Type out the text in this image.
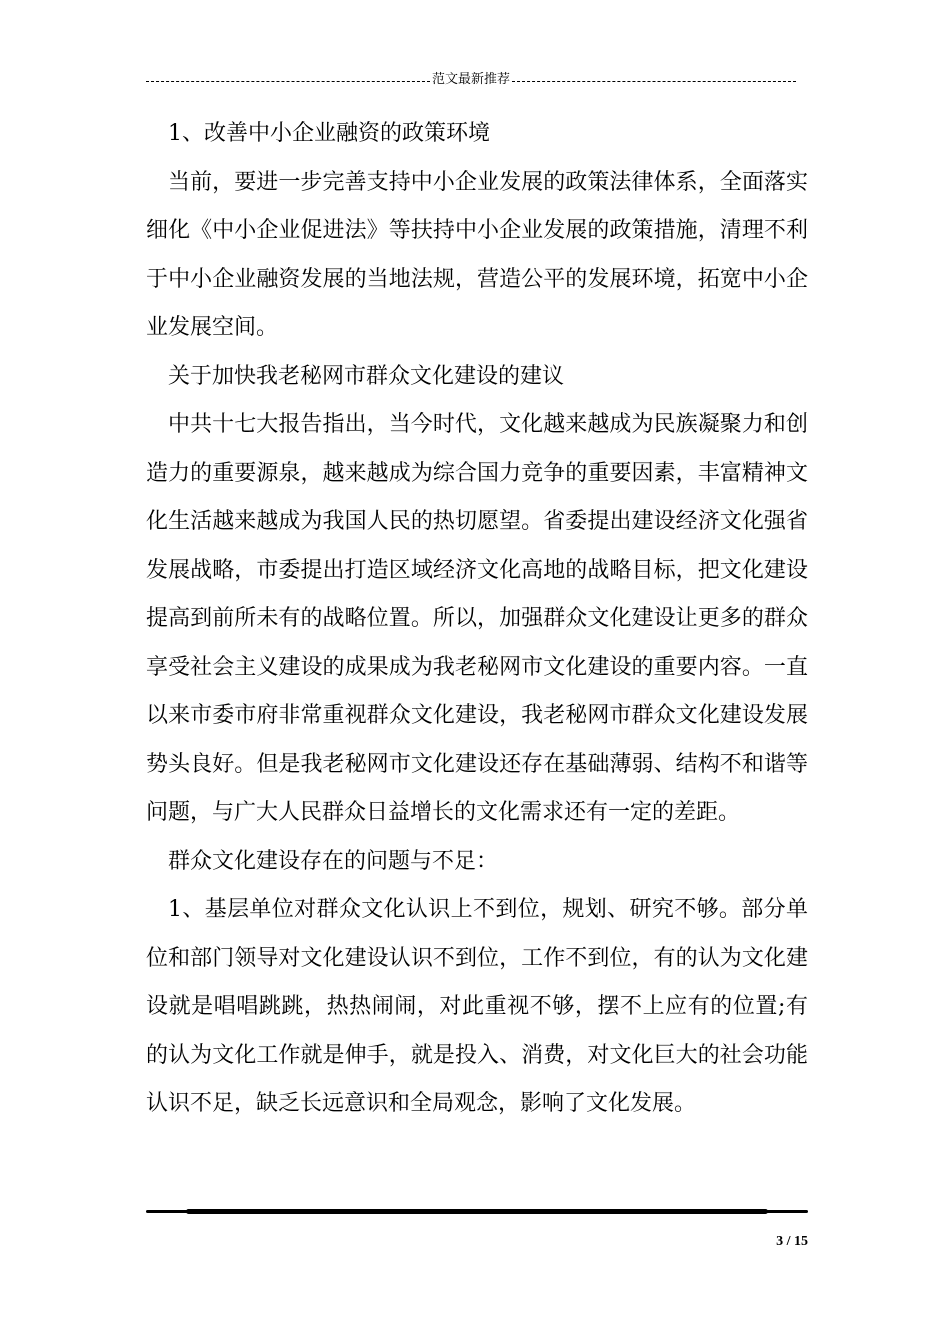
范文最新推荐

1、改善中小企业融资的政策环境

当前，要进一步完善支持中小企业发展的政策法律体系，全面落实细化《中小企业促进法》等扶持中小企业发展的政策措施，清理不利于中小企业融资发展的当地法规，营造公平的发展环境，拓宽中小企业发展空间。

关于加快我老秘网市群众文化建设的建议

中共十七大报告指出，当今时代，文化越来越成为民族凝聚力和创造力的重要源泉，越来越成为综合国力竞争的重要因素，丰富精神文化生活越来越成为我国人民的热切愿望。省委提出建设经济文化强省发展战略，市委提出打造区域经济文化高地的战略目标，把文化建设提高到前所未有的战略位置。所以，加强群众文化建设让更多的群众享受社会主义建设的成果成为我老秘网市文化建设的重要内容。一直以来市委市府非常重视群众文化建设，我老秘网市群众文化建设发展势头良好。但是我老秘网市文化建设还存在基础薄弱、结构不和谐等问题，与广大人民群众日益增长的文化需求还有一定的差距。

群众文化建设存在的问题与不足：

1、基层单位对群众文化认识上不到位，规划、研究不够。部分单位和部门领导对文化建设认识不到位，工作不到位，有的认为文化建设就是唱唱跳跳，热热闹闹，对此重视不够，摆不上应有的位置;有的认为文化工作就是伸手，就是投入、消费，对文化巨大的社会功能认识不足，缺乏长远意识和全局观念，影响了文化发展。

3 / 15
